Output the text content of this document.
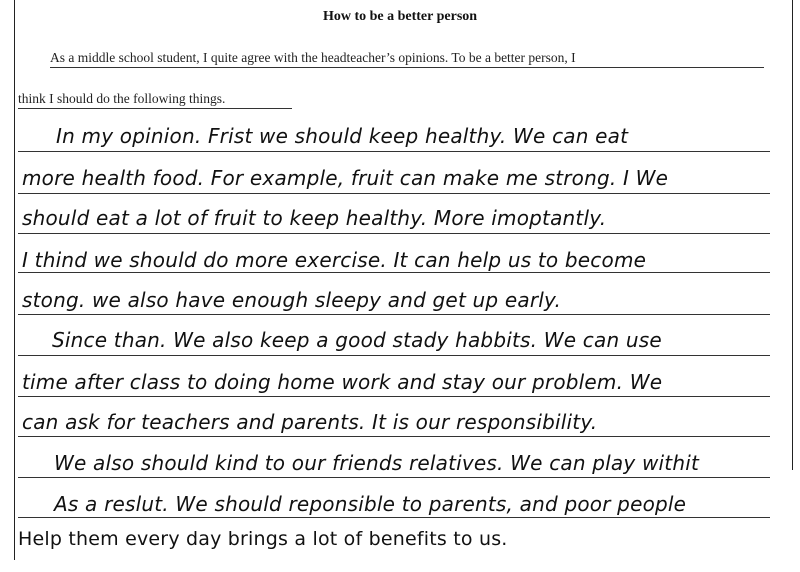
How to be a better person
As a middle school student, I quite agree with the headteacher’s opinions. To be a better person, I
think I should do the following things.
In my opinion. Frist we should keep healthy. We can eat
more health food. For example, fruit can make me strong. I We
should eat a lot of fruit to keep healthy. More imoptantly.
I thind we should do more exercise. It can help us to become
stong. we also have enough sleepy and get up early.
Since than. We also keep a good stady habbits. We can use
time after class to doing home work and stay our problem. We
can ask for teachers and parents. It is our responsibility.
We also should kind to our friends relatives. We can play withit
As a reslut. We should reponsible to parents, and poor people
Help them every day brings a lot of benefits to us.
